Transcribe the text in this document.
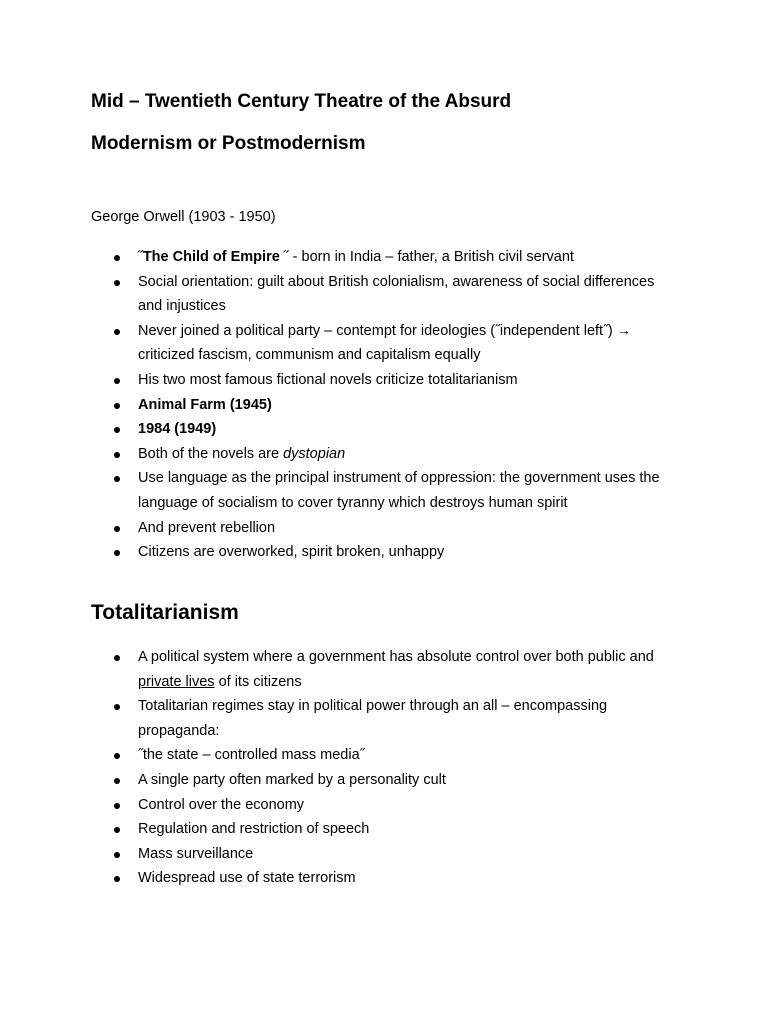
Mid – Twentieth Century Theatre of the Absurd
Modernism or Postmodernism
George Orwell (1903 - 1950)
˝The Child of Empire ˝ - born in India – father, a British civil servant
Social orientation: guilt about British colonialism, awareness of social differences and injustices
Never joined a political party – contempt for ideologies (˝independent left˝) → criticized fascism, communism and capitalism equally
His two most famous fictional novels criticize totalitarianism
Animal Farm (1945)
1984 (1949)
Both of the novels are dystopian
Use language as the principal instrument of oppression: the government uses the language of socialism to cover tyranny which destroys human spirit
And prevent rebellion
Citizens are overworked, spirit broken, unhappy
Totalitarianism
A political system where a government has absolute control over both public and private lives of its citizens
Totalitarian regimes stay in political power through an all – encompassing propaganda:
˝the state – controlled mass media˝
A single party often marked by a personality cult
Control over the economy
Regulation and restriction of speech
Mass surveillance
Widespread use of state terrorism
